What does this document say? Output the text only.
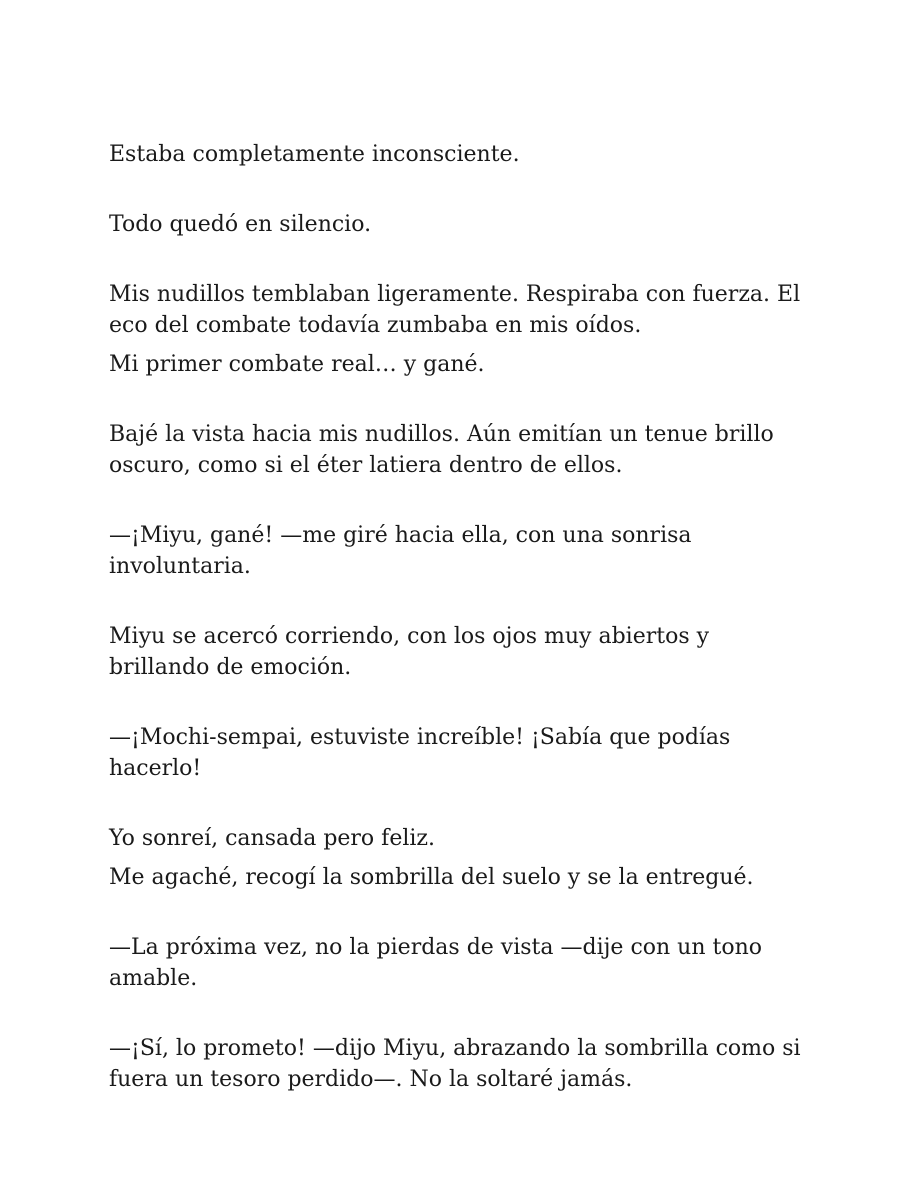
Estaba completamente inconsciente.

Todo quedó en silencio.

Mis nudillos temblaban ligeramente. Respiraba con fuerza. El
eco del combate todavía zumbaba en mis oídos.

Mi primer combate real… y gané.

Bajé la vista hacia mis nudillos. Aún emitían un tenue brillo
oscuro, como si el éter latiera dentro de ellos.

—¡Miyu, gané! —me giré hacia ella, con una sonrisa
involuntaria.

Miyu se acercó corriendo, con los ojos muy abiertos y
brillando de emoción.

—¡Mochi-sempai, estuviste increíble! ¡Sabía que podías
hacerlo!

Yo sonreí, cansada pero feliz.

Me agaché, recogí la sombrilla del suelo y se la entregué.

—La próxima vez, no la pierdas de vista —dije con un tono
amable.

—¡Sí, lo prometo! —dijo Miyu, abrazando la sombrilla como si
fuera un tesoro perdido—. No la soltaré jamás.
